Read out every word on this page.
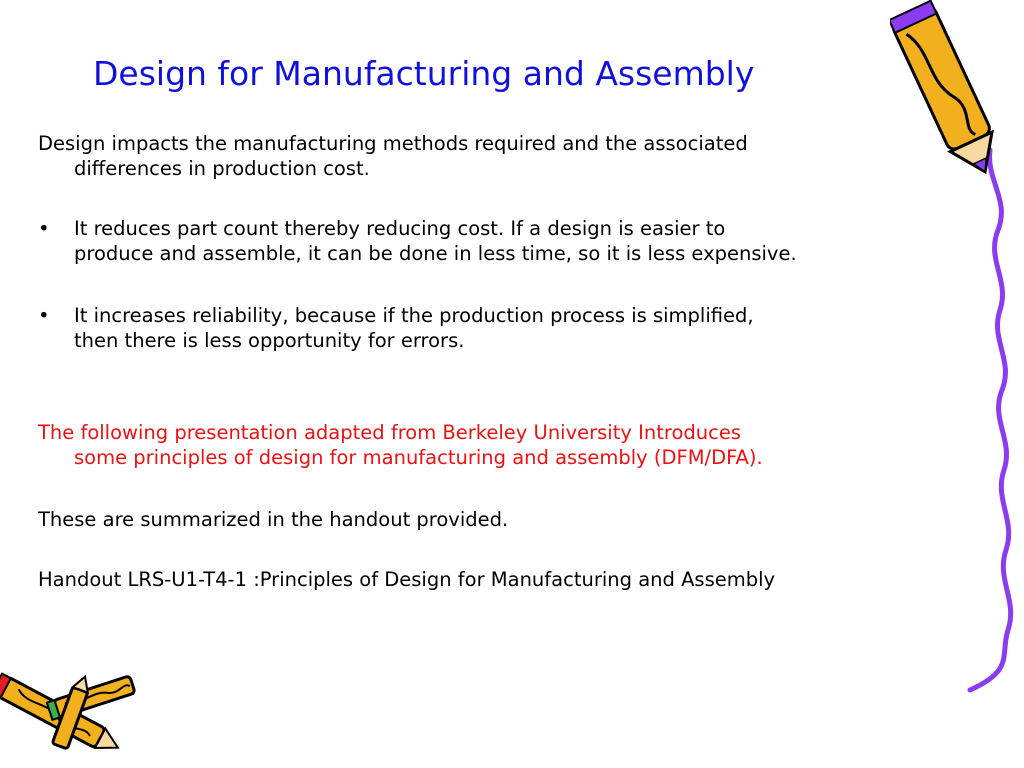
Design for Manufacturing and Assembly
Design impacts the manufacturing methods required and the associated
differences in production cost.
•	It reduces part count thereby reducing cost. If a design is easier to
produce and assemble, it can be done in less time, so it is less expensive.
•	It increases reliability, because if the production process is simplified,
then there is less opportunity for errors.
The following presentation adapted from Berkeley University Introduces
some principles of design for manufacturing and assembly (DFM/DFA).
These are summarized in the handout provided.
Handout LRS-U1-T4-1 :Principles of Design for Manufacturing and Assembly
